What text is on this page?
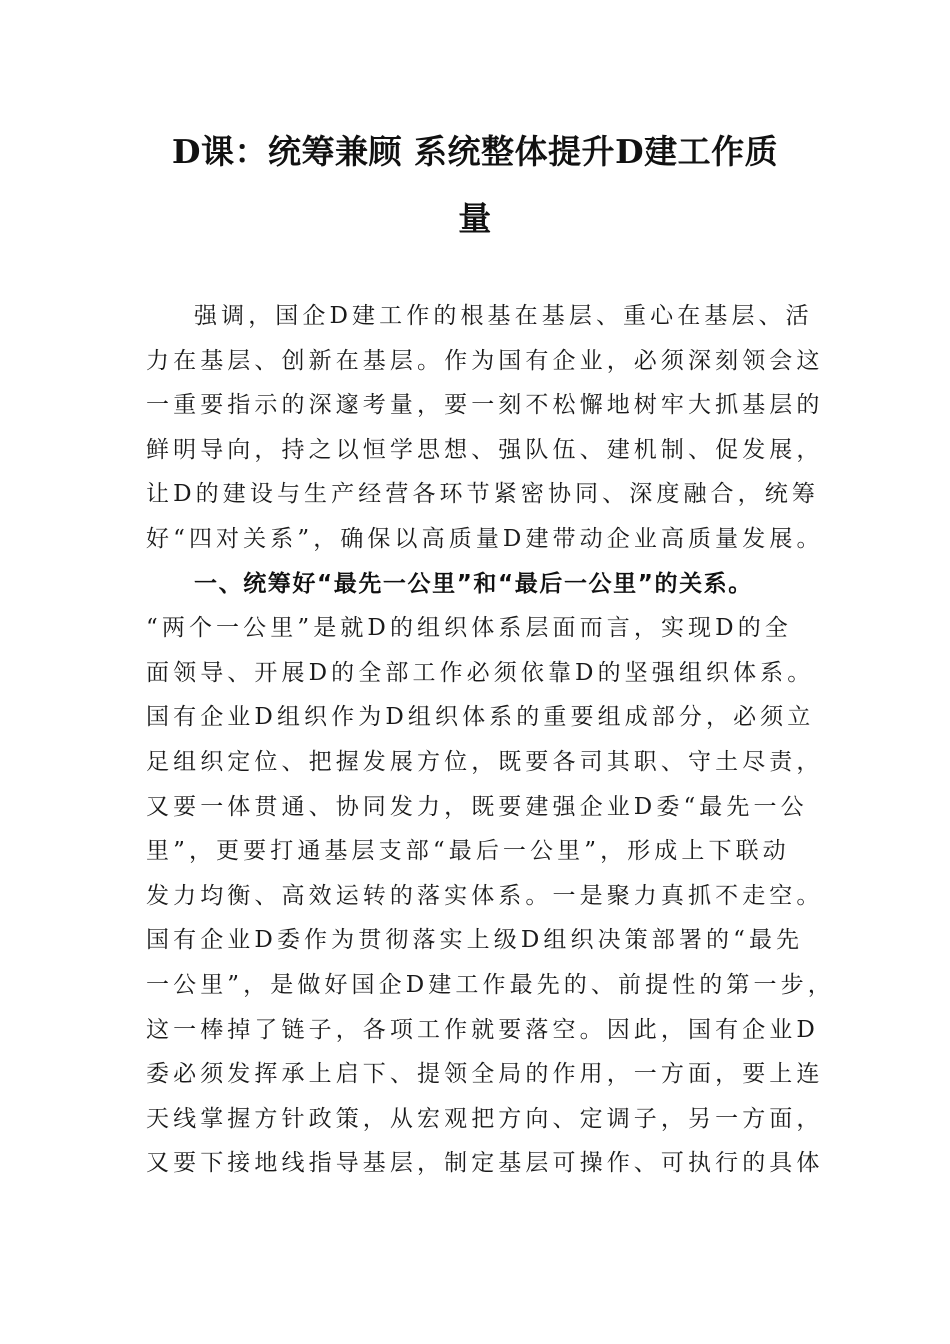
D课：统筹兼顾 系统整体提升D建工作质
量
强调，国企D建工作的根基在基层、重心在基层、活
力在基层、创新在基层。作为国有企业，必须深刻领会这
一重要指示的深邃考量，要一刻不松懈地树牢大抓基层的
鲜明导向，持之以恒学思想、强队伍、建机制、促发展，
让D的建设与生产经营各环节紧密协同、深度融合，统筹
好“四对关系”，确保以高质量D建带动企业高质量发展。
一、统筹好“最先一公里”和“最后一公里”的关系。
“两个一公里”是就D的组织体系层面而言，实现D的全
面领导、开展D的全部工作必须依靠D的坚强组织体系。
国有企业D组织作为D组织体系的重要组成部分，必须立
足组织定位、把握发展方位，既要各司其职、守土尽责，
又要一体贯通、协同发力，既要建强企业D委“最先一公
里”，更要打通基层支部“最后一公里”，形成上下联动
发力均衡、高效运转的落实体系。一是聚力真抓不走空。
国有企业D委作为贯彻落实上级D组织决策部署的“最先
一公里”，是做好国企D建工作最先的、前提性的第一步，
这一棒掉了链子，各项工作就要落空。因此，国有企业D
委必须发挥承上启下、提领全局的作用，一方面，要上连
天线掌握方针政策，从宏观把方向、定调子，另一方面，
又要下接地线指导基层，制定基层可操作、可执行的具体
